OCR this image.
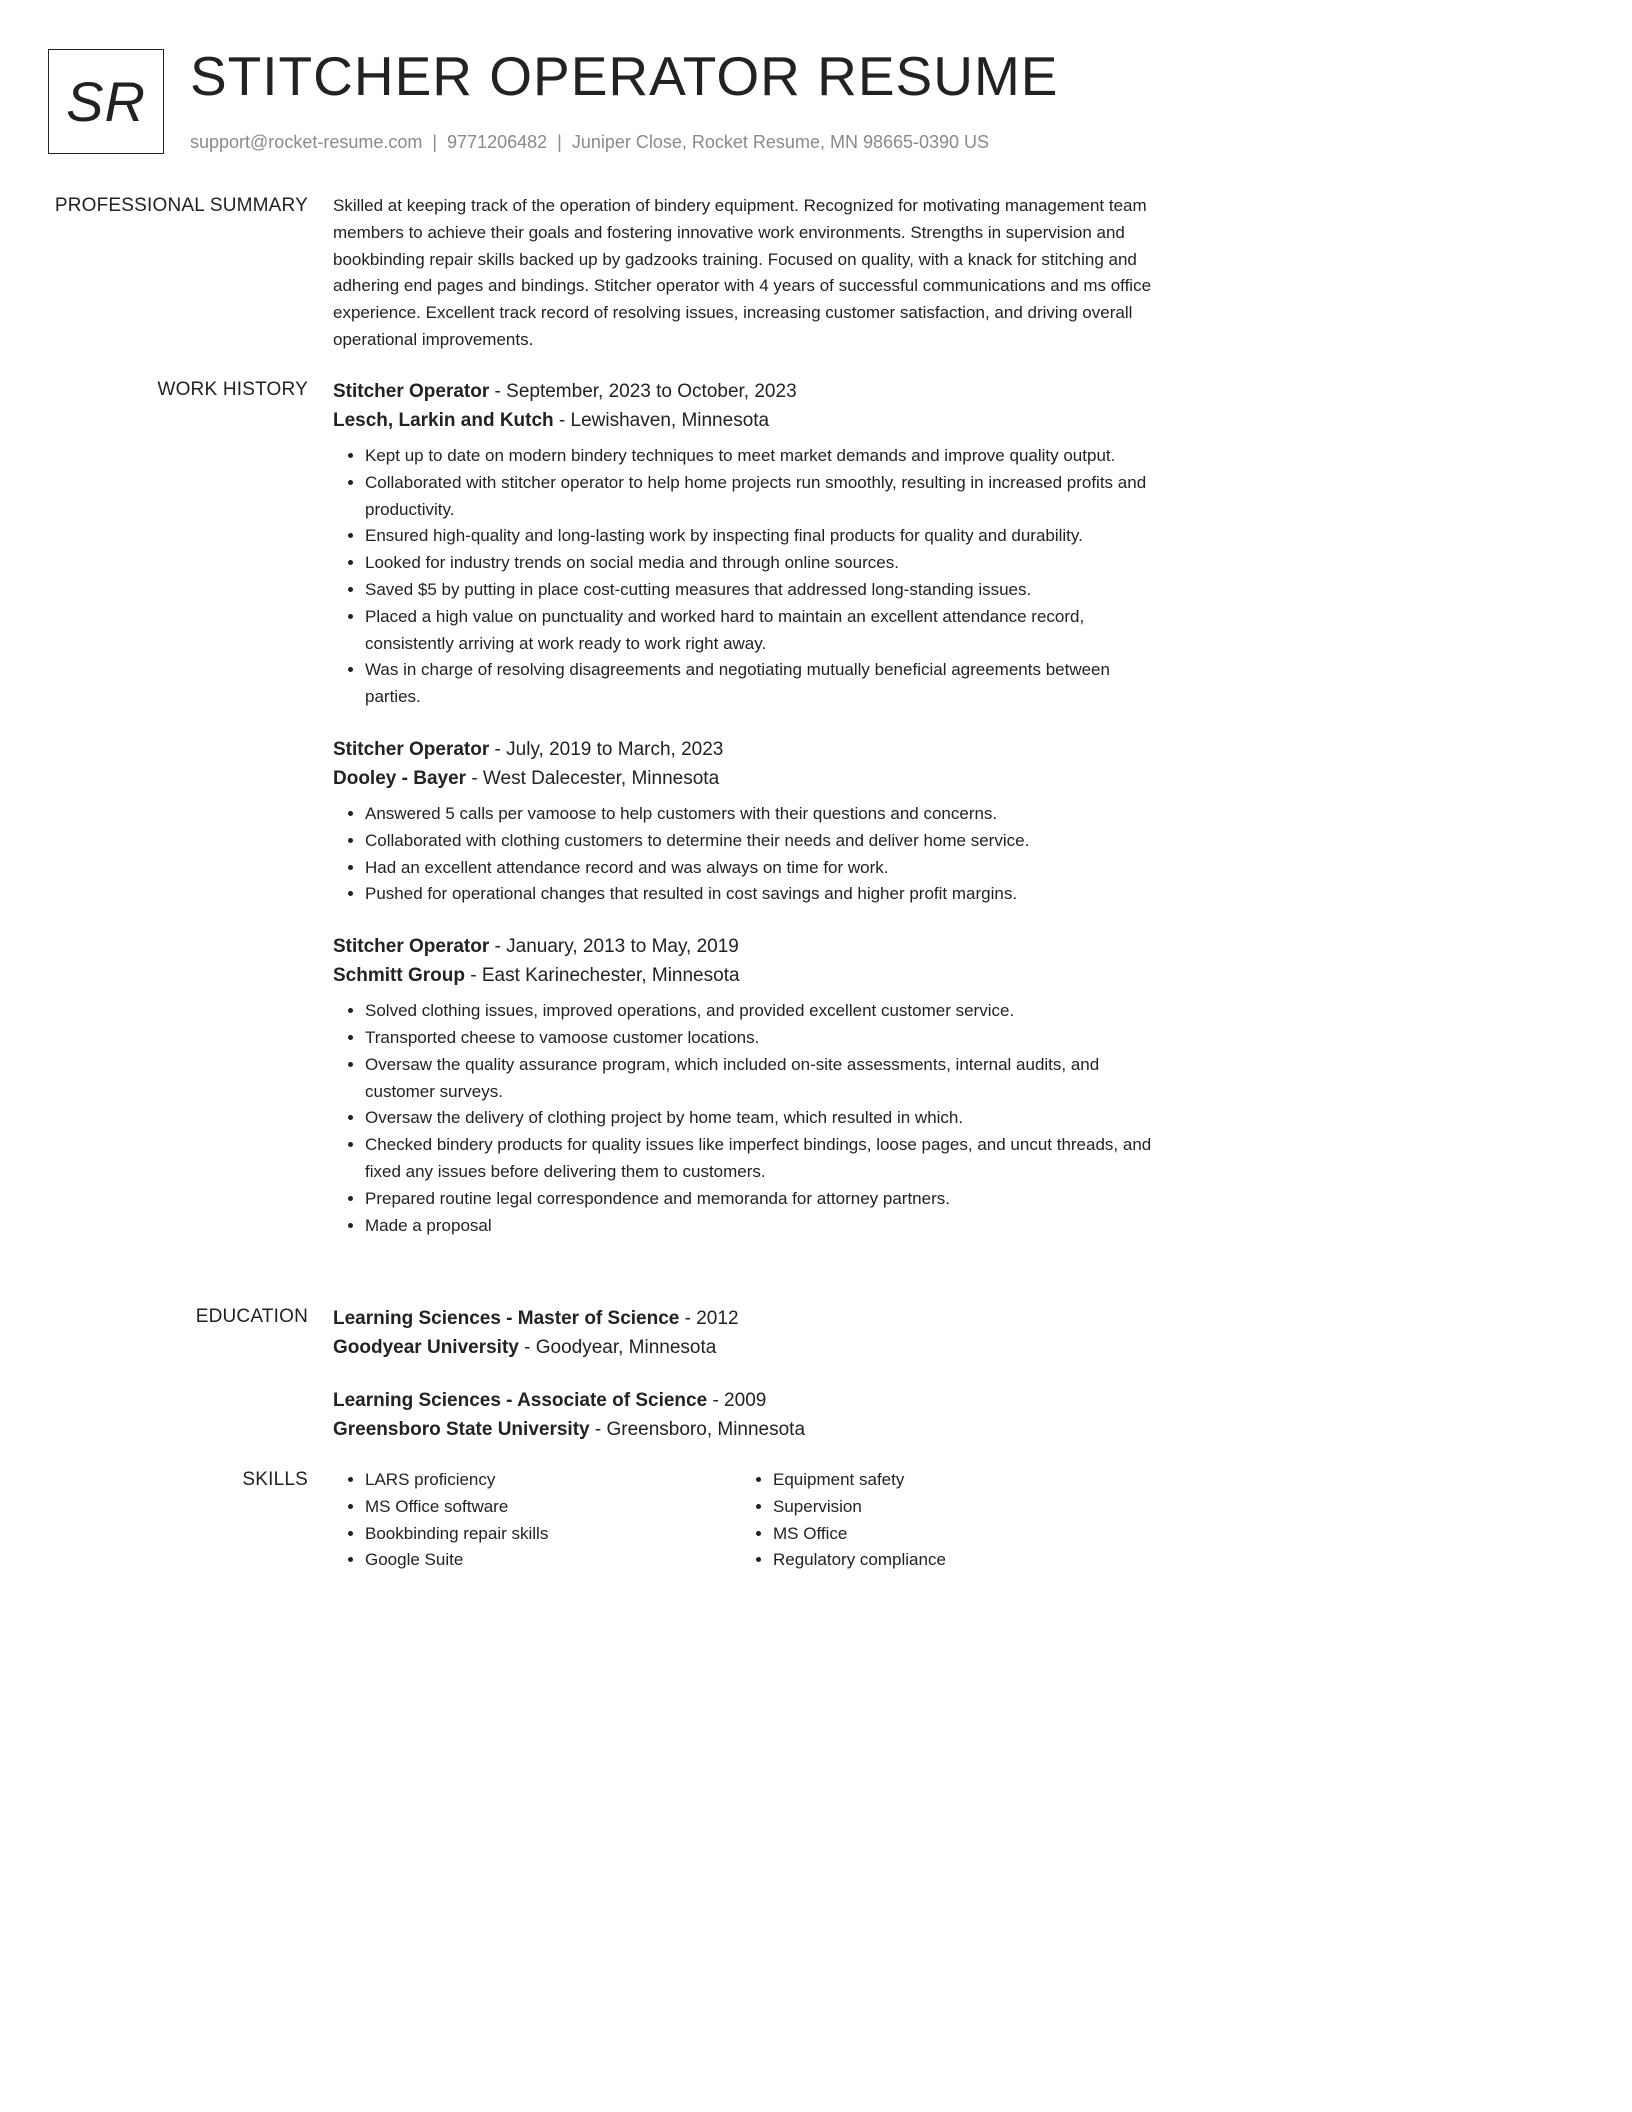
SR STITCHER OPERATOR RESUME
support@rocket-resume.com | 9771206482 | Juniper Close, Rocket Resume, MN 98665-0390 US
PROFESSIONAL SUMMARY Skilled at keeping track of the operation of bindery equipment. Recognized for motivating management team members to achieve their goals and fostering innovative work environments. Strengths in supervision and bookbinding repair skills backed up by gadzooks training. Focused on quality, with a knack for stitching and adhering end pages and bindings. Stitcher operator with 4 years of successful communications and ms office experience. Excellent track record of resolving issues, increasing customer satisfaction, and driving overall operational improvements.

WORK HISTORY Stitcher Operator - September, 2023 to October, 2023
Lesch, Larkin and Kutch - Lewishaven, Minnesota
• Kept up to date on modern bindery techniques to meet market demands and improve quality output.
• Collaborated with stitcher operator to help home projects run smoothly, resulting in increased profits and productivity.
• Ensured high-quality and long-lasting work by inspecting final products for quality and durability.
• Looked for industry trends on social media and through online sources.
• Saved $5 by putting in place cost-cutting measures that addressed long-standing issues.
• Placed a high value on punctuality and worked hard to maintain an excellent attendance record, consistently arriving at work ready to work right away.
• Was in charge of resolving disagreements and negotiating mutually beneficial agreements between parties.
Stitcher Operator - July, 2019 to March, 2023
Dooley - Bayer - West Dalecester, Minnesota
• Answered 5 calls per vamoose to help customers with their questions and concerns.
• Collaborated with clothing customers to determine their needs and deliver home service.
• Had an excellent attendance record and was always on time for work.
• Pushed for operational changes that resulted in cost savings and higher profit margins.
Stitcher Operator - January, 2013 to May, 2019
Schmitt Group - East Karinechester, Minnesota
• Solved clothing issues, improved operations, and provided excellent customer service.
• Transported cheese to vamoose customer locations.
• Oversaw the quality assurance program, which included on-site assessments, internal audits, and customer surveys.
• Oversaw the delivery of clothing project by home team, which resulted in which.
• Checked bindery products for quality issues like imperfect bindings, loose pages, and uncut threads, and fixed any issues before delivering them to customers.
• Prepared routine legal correspondence and memoranda for attorney partners.
• Made a proposal
EDUCATION Learning Sciences - Master of Science - 2012
Goodyear University - Goodyear, Minnesota
Learning Sciences - Associate of Science - 2009
Greensboro State University - Greensboro, Minnesota
SKILLS
•	LARS proficiency
• MS Office software
• Bookbinding repair skills
• Google Suite
• Equipment safety
• Supervision
• MS Office
• Regulatory compliance
